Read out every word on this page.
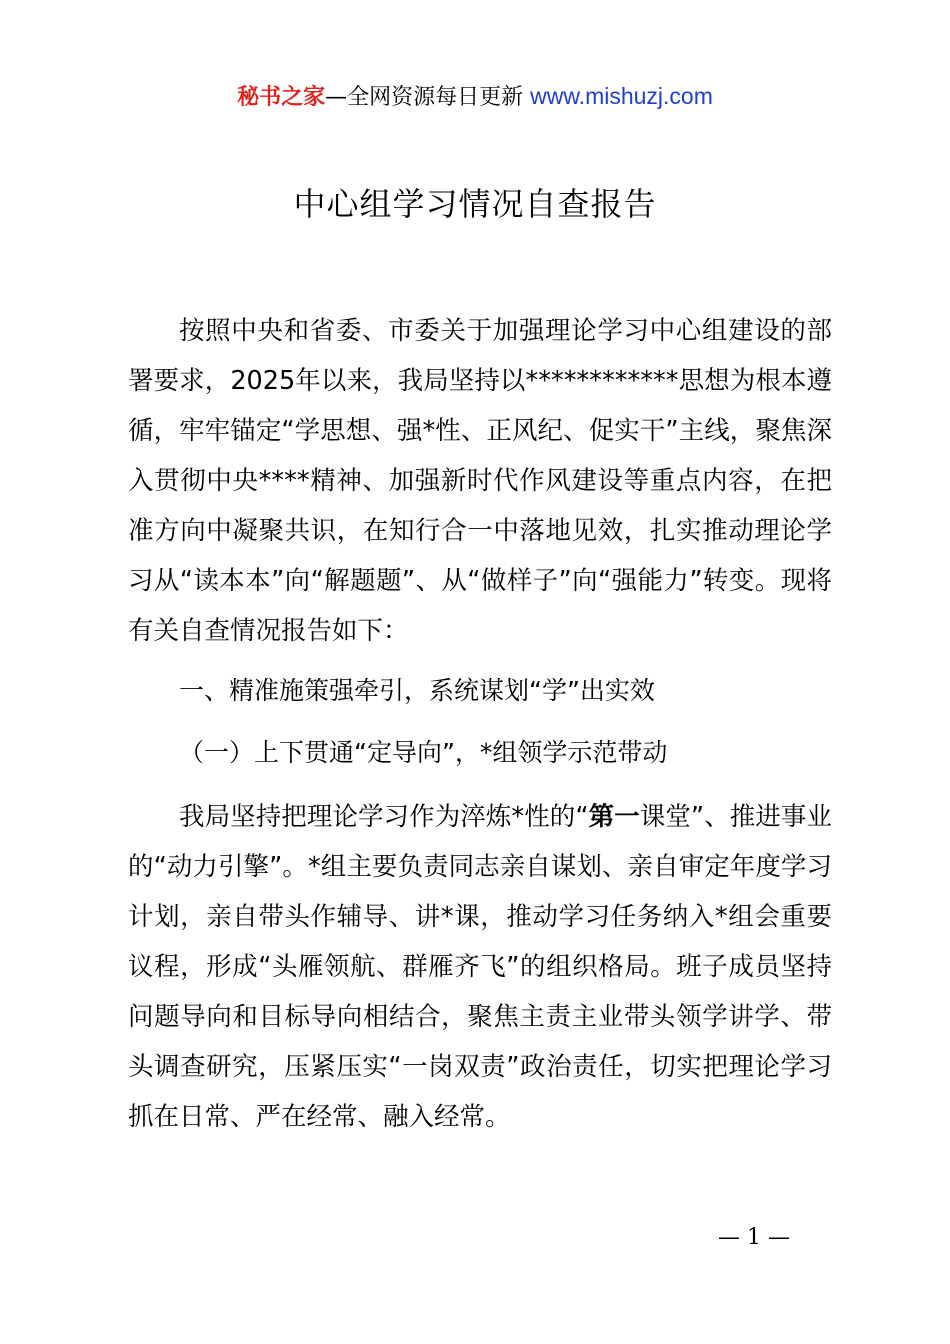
秘书之家—全网资源每日更新 www.mishuzj.com
中心组学习情况自查报告
按照中央和省委、市委关于加强理论学习中心组建设的部署要求，2025年以来，我局坚持以************思想为根本遵循，牢牢锚定“学思想、强*性、正风纪、促实干”主线，聚焦深入贯彻中央****精神、加强新时代作风建设等重点内容，在把准方向中凝聚共识，在知行合一中落地见效，扎实推动理论学习从“读本本”向“解题题”、从“做样子”向“强能力”转变。现将有关自查情况报告如下：
一、精准施策强牵引，系统谋划“学”出实效
（一）上下贯通“定导向”，*组领学示范带动
我局坚持把理论学习作为淬炼*性的“第一课堂”、推进事业的“动力引擎”。*组主要负责同志亲自谋划、亲自审定年度学习计划，亲自带头作辅导、讲*课，推动学习任务纳入*组会重要议程，形成“头雁领航、群雁齐飞”的组织格局。班子成员坚持问题导向和目标导向相结合，聚焦主责主业带头领学讲学、带头调查研究，压紧压实“一岗双责”政治责任，切实把理论学习抓在日常、严在经常、融入经常。
— 1 —
